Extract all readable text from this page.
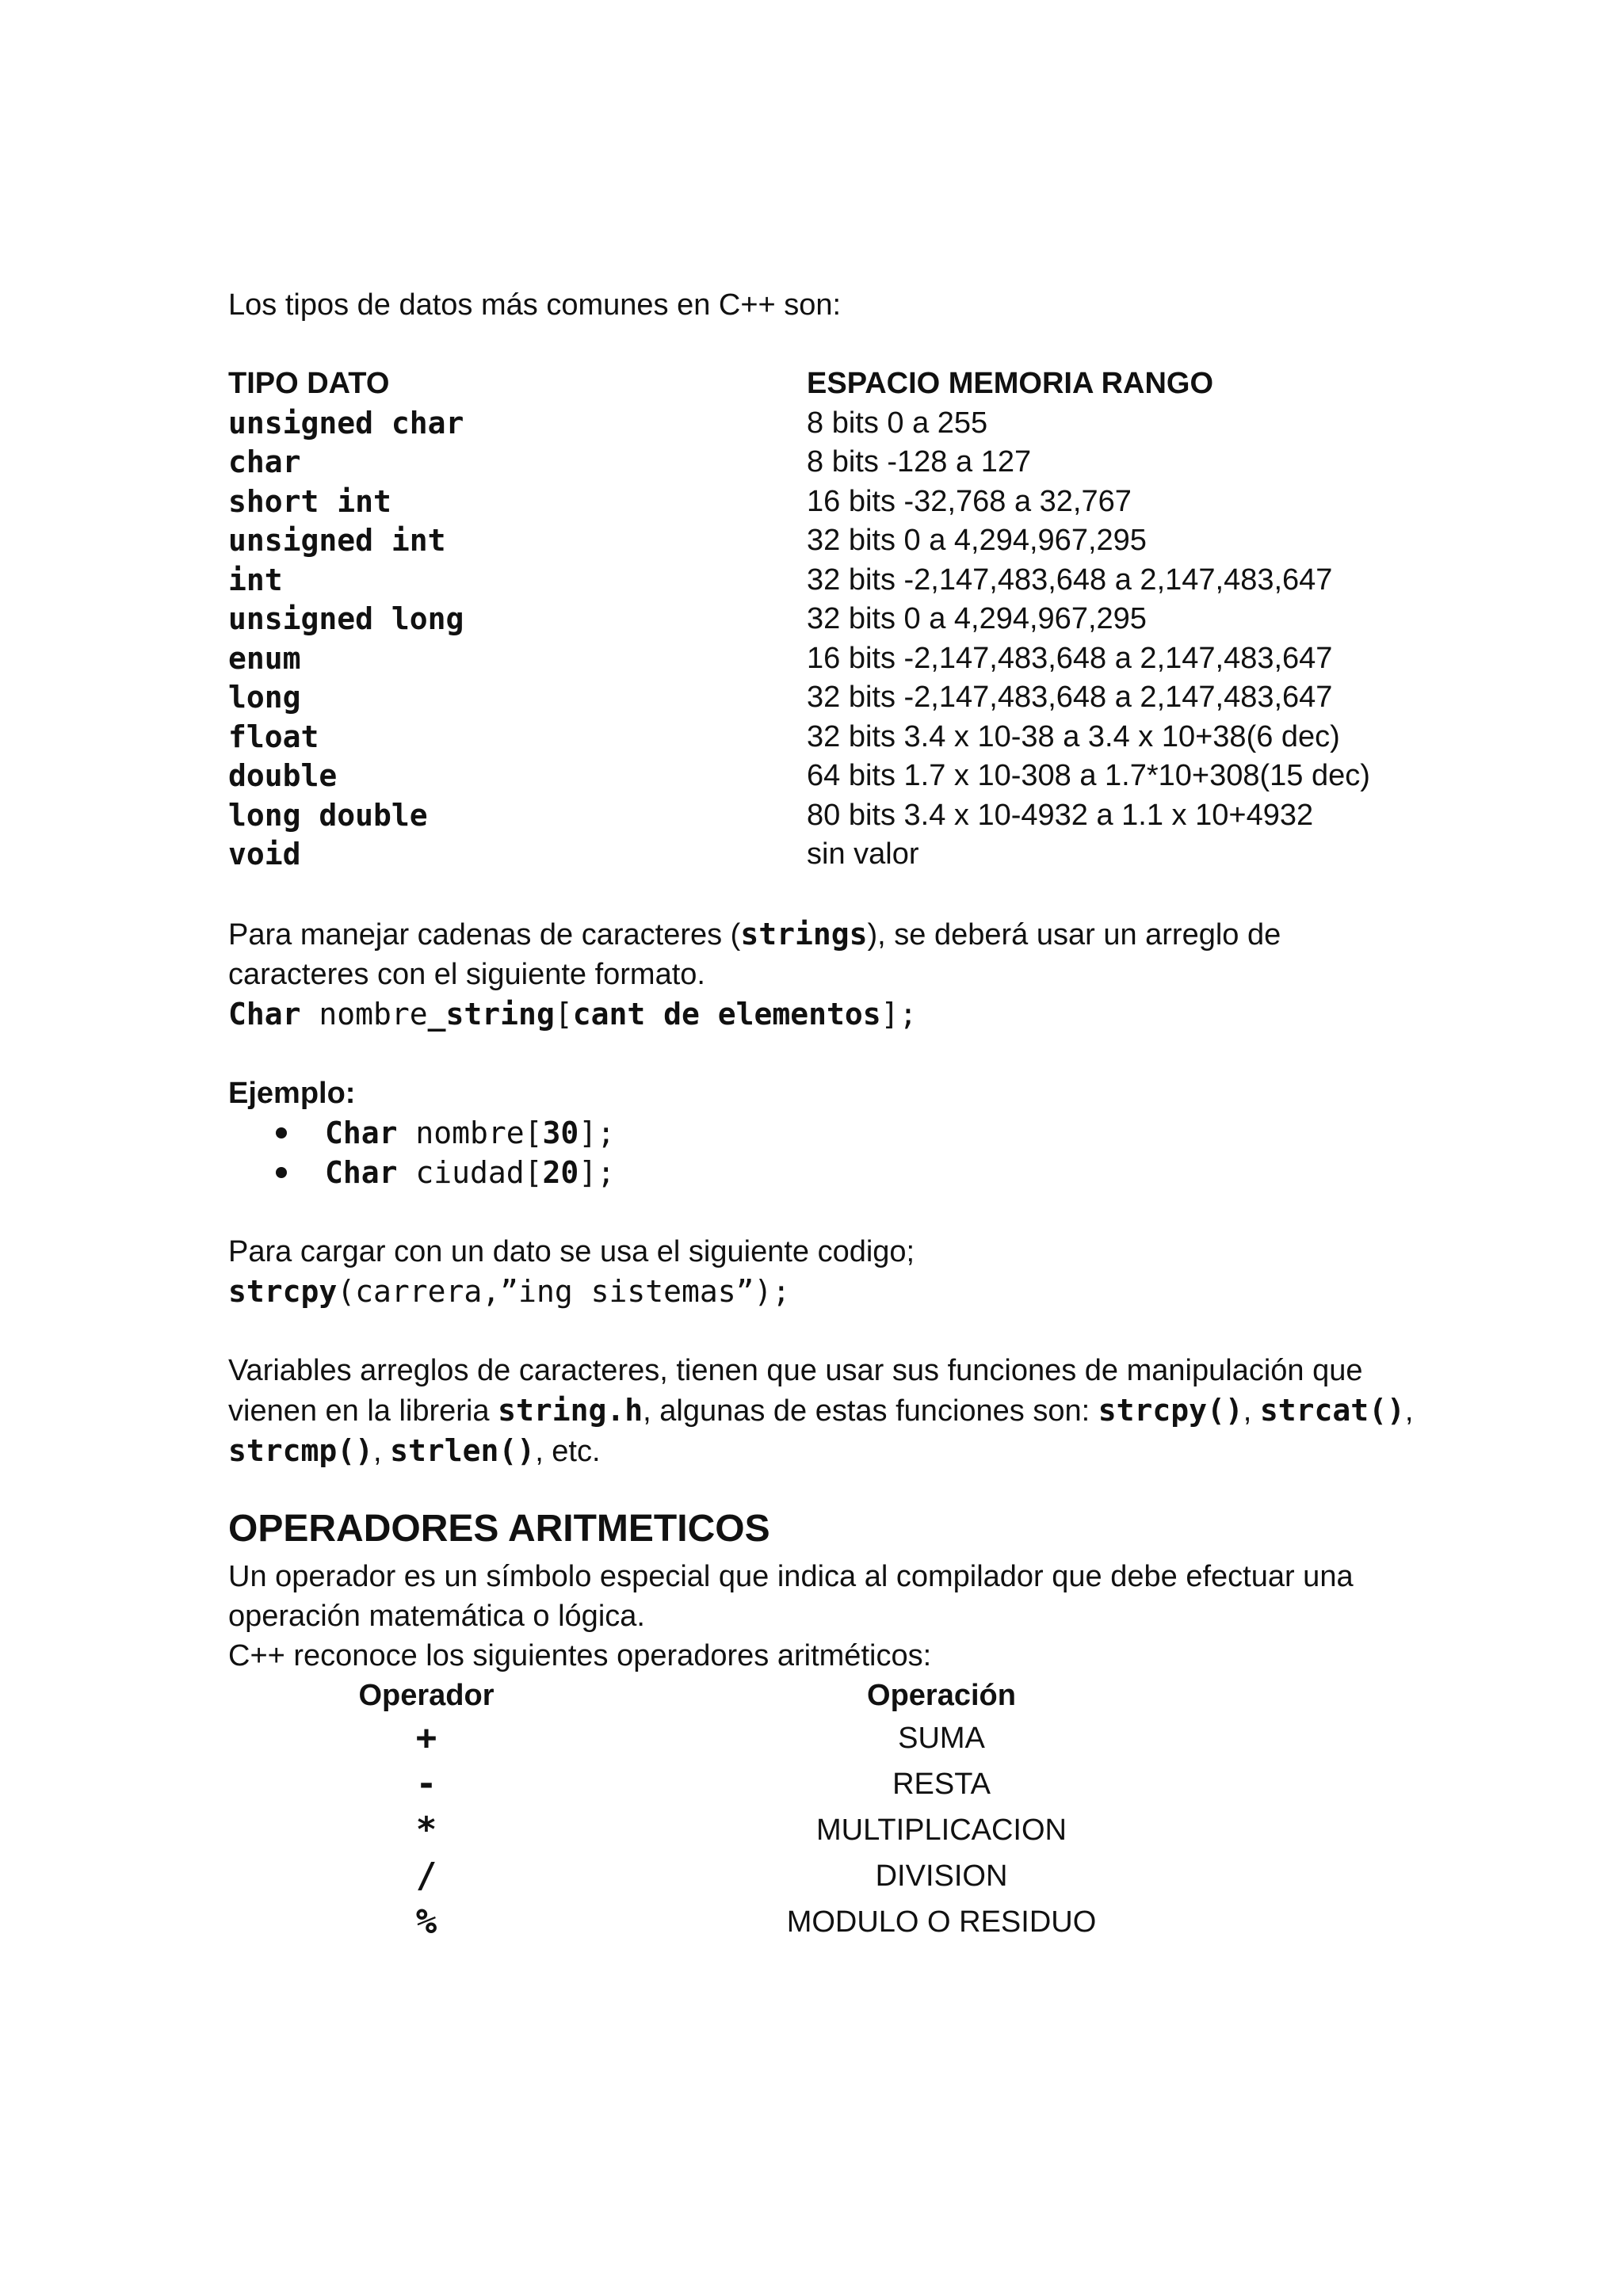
Los tipos de datos más comunes en C++ son:

TIPO DATO	ESPACIO MEMORIA RANGO
unsigned char	8 bits 0 a 255
char	8 bits -128 a 127
short int	16 bits -32,768 a 32,767
unsigned int	32 bits 0 a 4,294,967,295
int	32 bits -2,147,483,648 a 2,147,483,647
unsigned long	32 bits 0 a 4,294,967,295
enum	16 bits -2,147,483,648 a 2,147,483,647
long	32 bits -2,147,483,648 a 2,147,483,647
float	32 bits 3.4 x 10-38 a 3.4 x 10+38(6 dec)
double	64 bits 1.7 x 10-308 a 1.7*10+308(15 dec)
long double	80 bits 3.4 x 10-4932 a 1.1 x 10+4932
void	sin valor

Para manejar cadenas de caracteres (strings), se deberá usar un arreglo de caracteres con el siguiente formato.

Char nombre_string[cant de elementos];

Ejemplo:

Char nombre[30];
Char ciudad[20];

Para cargar con un dato se usa el siguiente codigo;

strcpy(carrera,”ing sistemas”);

Variables arreglos de caracteres, tienen que usar sus funciones de manipulación que vienen en la libreria string.h, algunas de estas funciones son: strcpy(), strcat(), strcmp(), strlen(), etc.

OPERADORES ARITMETICOS

Un operador es un símbolo especial que indica al compilador que debe efectuar una operación matemática o lógica.

C++ reconoce los siguientes operadores aritméticos:

Operador	Operación
+	SUMA
-	RESTA
*	MULTIPLICACION
/	DIVISION
%	MODULO O RESIDUO
